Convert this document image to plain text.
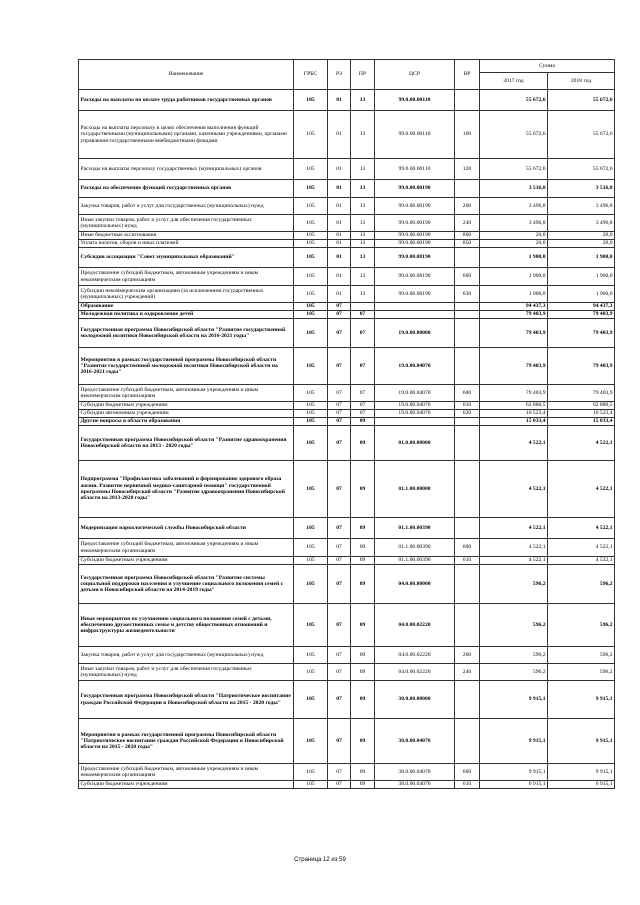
Наименование	ГРБС	РЗ	ПР	ЦСР	ВР	Сумма	
						2017 год	2018 год
Расходы на выплаты по оплате труда работников государственных органов	105	01	13	99.0.00.00110		55 672,6	55 672,6
Расходы на выплаты персоналу в целях обеспечения выполнения функций государственными (муниципальными) органами, казенными учреждениями, органами управления государственными внебюджетными фондами	105	01	13	99.0.00.00110	100	55 672,6	55 672,6
Расходы на выплаты персоналу государственных (муниципальных) органов	105	01	13	99.0.00.00110	120	55 672,6	55 672,6
Расходы на обеспечение функций государственных органов	105	01	13	99.0.00.00190		3 516,8	3 516,8
Закупка товаров, работ и услуг для государственных (муниципальных) нужд	105	01	13	99.0.00.00190	200	3 496,8	3 496,8
Иные закупки товаров, работ и услуг для обеспечения государственных (муниципальных) нужд	105	01	13	99.0.00.00190	240	3 496,8	3 496,8
Иные бюджетные ассигнования	105	01	13	99.0.00.00190	800	20,0	20,0
Уплата налогов, сборов и иных платежей	105	01	13	99.0.00.00190	850	20,0	20,0
Субсидия ассоциации "Совет муниципальных образований"	105	01	13	99.0.00.08190		1 900,0	1 900,0
Предоставление субсидий бюджетным, автономным учреждениям и иным некоммерческим организациям	105	01	13	99.0.00.08190	600	1 900,0	1 900,0
Субсидии некоммерческим организациям (за исключением государственных (муниципальных) учреждений)	105	01	13	99.0.00.08190	630	1 900,0	1 900,0
Образование	105	07				94 437,3	94 437,3
Молодежная политика и оздоровление детей	105	07	07			79 403,9	79 403,9
Государственная программа Новосибирской области "Развитие государственной молодежной политики Новосибирской области на 2016-2021 годы"	105	07	07	19.0.00.00000		79 403,9	79 403,9
Мероприятия в рамках государственной программы Новосибирской области "Развитие государственной молодежной политики Новосибирской области на 2016-2021 годы"	105	07	07	19.0.00.04070		79 403,9	79 403,9
Предоставление субсидий бюджетным, автономным учреждениям и иным некоммерческим организациям	105	07	07	19.0.00.04070	600	79 403,9	79 403,9
Субсидии бюджетным учреждениям	105	07	07	19.0.00.04070	610	62 880,5	62 880,5
Субсидии автономным учреждениям	105	07	07	19.0.00.04070	620	16 523,4	16 523,4
Другие вопросы в области образования	105	07	09			15 033,4	15 033,4
Государственная программа Новосибирской области "Развитие здравоохранения Новосибирской области на 2013 - 2020 годы"	105	07	09	01.0.00.00000		4 522,1	4 522,1
Подпрограмма "Профилактика заболеваний и формирование здорового образа жизни. Развитие первичной медико-санитарной помощи" государственной программы Новосибирской области "Развитие здравоохранения Новосибирской области на 2013-2020 годы"	105	07	09	01.1.00.00000		4 522,1	4 522,1
Модернизация наркологической службы Новосибирской области	105	07	09	01.1.00.00390		4 522,1	4 522,1
Предоставление субсидий бюджетным, автономным учреждениям и иным некоммерческим организациям	105	07	09	01.1.00.00390	600	4 522,1	4 522,1
Субсидии бюджетным учреждениям	105	07	09	01.1.00.00390	610	4 522,1	4 522,1
Государственная программа Новосибирской области "Развитие системы социальной поддержки населения и улучшение социального положения семей с детьми в Новосибирской области на 2014-2019 годы"	105	07	09	04.0.00.00000		596,2	596,2
Иные мероприятия по улучшению социального положения семей с детьми, обеспечению дружественных семье и детству общественных отношений и инфраструктуры жизнедеятельности	105	07	09	04.0.00.02220		596,2	596,2
Закупка товаров, работ и услуг для государственных (муниципальных) нужд	105	07	09	04.0.00.02220	200	596,2	596,2
Иные закупки товаров, работ и услуг для обеспечения государственных (муниципальных) нужд	105	07	09	04.0.00.02220	240	596,2	596,2
Государственная программа Новосибирской области "Патриотическое воспитание граждан Российской Федерации в Новосибирской области на 2015 - 2020 годы"	105	07	09	38.0.00.00000		9 915,1	9 915,1
Мероприятия в рамках государственной программы Новосибирской области "Патриотическое воспитание граждан Российской Федерации в Новосибирской области на 2015 - 2020 годы"	105	07	09	38.0.00.04070		9 915,1	9 915,1
Предоставление субсидий бюджетным, автономным учреждениям и иным некоммерческим организациям	105	07	09	38.0.00.04070	600	9 915,1	9 915,1
Субсидии бюджетным учреждениям	105	07	09	38.0.00.04070	610	6 915,1	6 915,1
Страница 12 из 59
